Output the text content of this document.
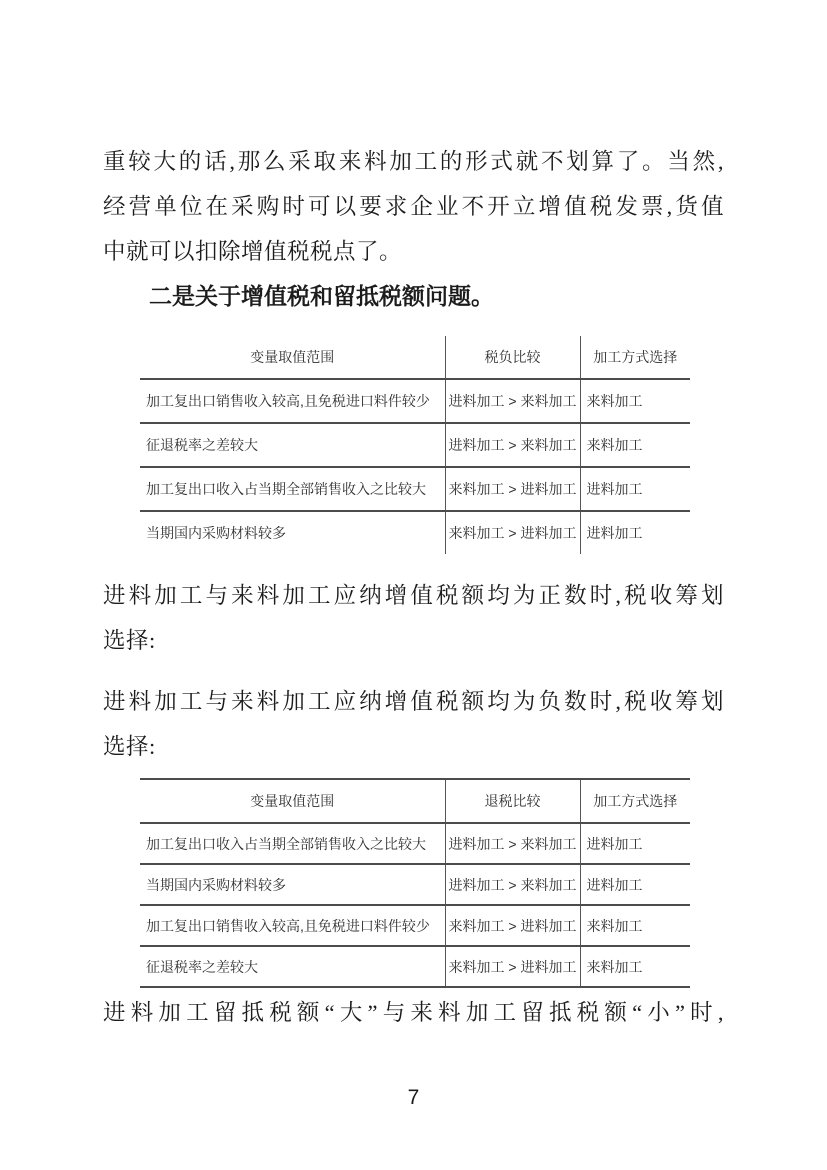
重较大的话,那么采取来料加工的形式就不划算了。当然,
经营单位在采购时可以要求企业不开立增值税发票,货值
中就可以扣除增值税税点了。
二是关于增值税和留抵税额问题。
变量取值范围	税负比较	加工方式选择
加工复出口销售收入较高,且免税进口料件较少	进料加工 > 来料加工	来料加工
征退税率之差较大	进料加工 > 来料加工	来料加工
加工复出口收入占当期全部销售收入之比较大	来料加工 > 进料加工	进料加工
当期国内采购材料较多	来料加工 > 进料加工	进料加工
进料加工与来料加工应纳增值税额均为正数时,税收筹划
选择:
进料加工与来料加工应纳增值税额均为负数时,税收筹划
选择:
变量取值范围	退税比较	加工方式选择
加工复出口收入占当期全部销售收入之比较大	进料加工 > 来料加工	进料加工
当期国内采购材料较多	进料加工 > 来料加工	进料加工
加工复出口销售收入较高,且免税进口料件较少	来料加工 > 进料加工	来料加工
征退税率之差较大	来料加工 > 进料加工	来料加工
进料加工留抵税额“大”与来料加工留抵税额“小”时,
7
